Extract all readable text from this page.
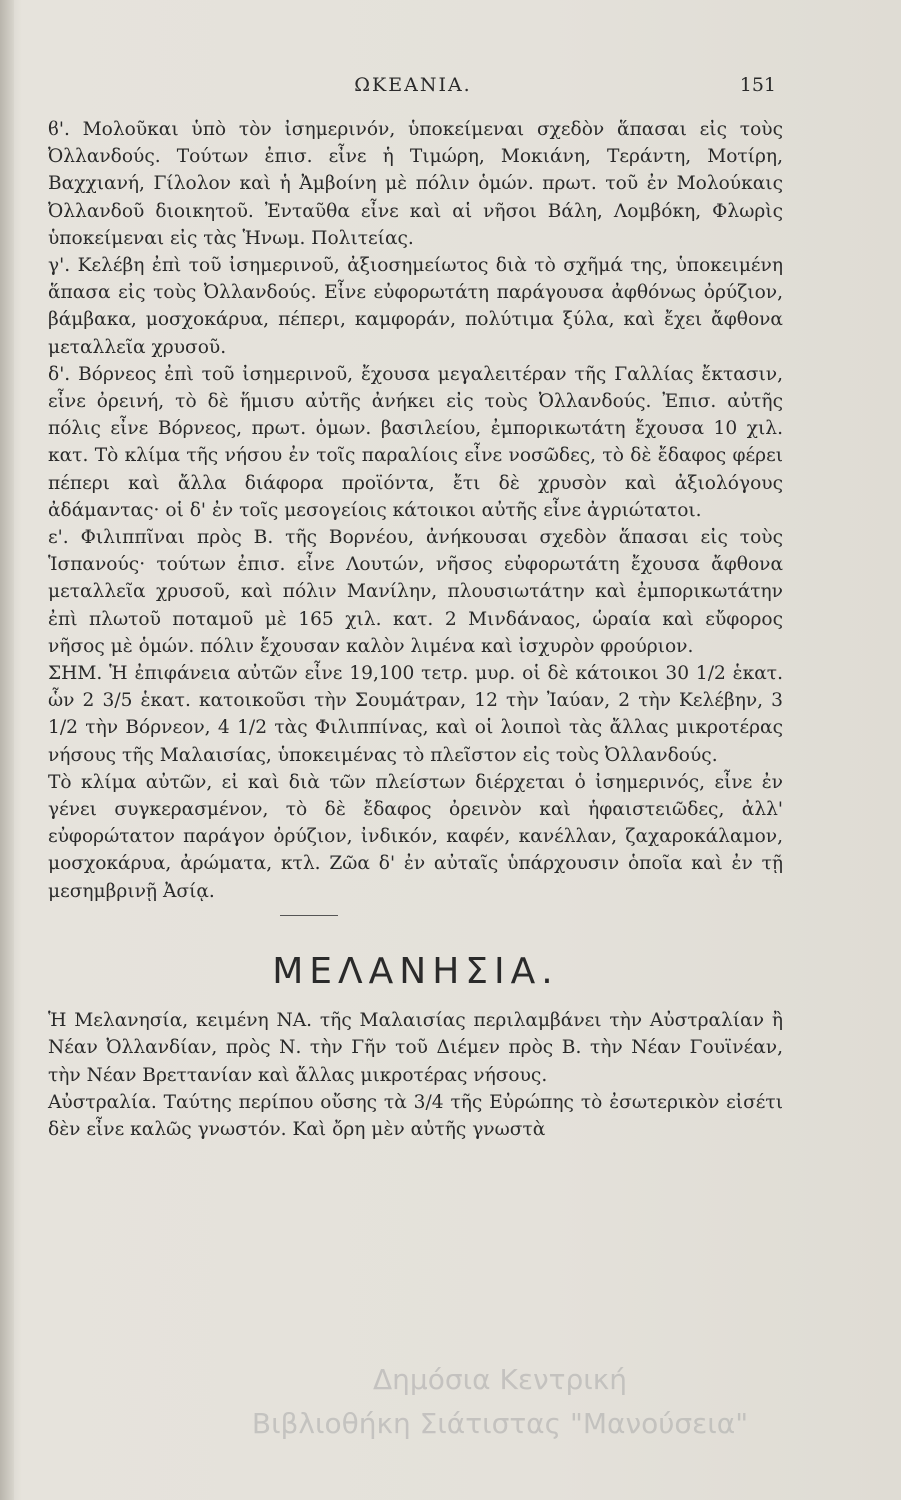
ΩΚΕΑΝΙΑ.	151

ϐ'. Μολοῦκαι ὑπὸ τὸν ἰσημερινόν, ὑποκείμεναι σχεδὸν ἅπασαι εἰς τοὺς Ὀλλανδούς. Τούτων ἐπισ. εἶνε ἡ Τιμώρη, Μοκιάνη, Τεράντη, Μοτίρη, Βαχχιανή, Γίλολον καὶ ἡ Ἀμβοίνη μὲ πόλιν ὁμών. πρωτ. τοῦ ἐν Μολούκαις Ὀλλανδοῦ διοικητοῦ. Ἐνταῦθα εἶνε καὶ αἱ νῆσοι Βάλη, Λομβόκη, Φλωρὶς ὑποκείμεναι εἰς τὰς Ἡνωμ. Πολιτείας.

γ'. Κελέβη ἐπὶ τοῦ ἰσημερινοῦ, ἀξιοσημείωτος διὰ τὸ σχῆμά της, ὑποκειμένη ἅπασα εἰς τοὺς Ὀλλανδούς. Εἶνε εὐφορωτάτη παράγουσα ἀφθόνως ὀρύζιον, βάμβακα, μοσχοκάρυα, πέπερι, καμφοράν, πολύτιμα ξύλα, καὶ ἔχει ἄφθονα μεταλλεῖα χρυσοῦ.

δ'. Βόρνεος ἐπὶ τοῦ ἰσημερινοῦ, ἔχουσα μεγαλειτέραν τῆς Γαλλίας ἔκτασιν, εἶνε ὀρεινή, τὸ δὲ ἥμισυ αὐτῆς ἀνήκει εἰς τοὺς Ὀλλανδούς. Ἐπισ. αὐτῆς πόλις εἶνε Βόρνεος, πρωτ. ὁμων. βασιλείου, ἐμπορικωτάτη ἔχουσα 10 χιλ. κατ. Τὸ κλίμα τῆς νήσου ἐν τοῖς παραλίοις εἶνε νοσῶδες, τὸ δὲ ἔδαφος φέρει πέπερι καὶ ἄλλα διάφορα προϊόντα, ἔτι δὲ χρυσὸν καὶ ἀξιολόγους ἀδάμαντας· οἱ δ' ἐν τοῖς μεσογείοις κάτοικοι αὐτῆς εἶνε ἀγριώτατοι.

ε'. Φιλιππῖναι πρὸς Β. τῆς Βορνέου, ἀνήκουσαι σχεδὸν ἅπασαι εἰς τοὺς Ἱσπανούς· τούτων ἐπισ. εἶνε Λουτών, νῆσος εὐφορωτάτη ἔχουσα ἄφθονα μεταλλεῖα χρυσοῦ, καὶ πόλιν Μανίλην, πλουσιωτάτην καὶ ἐμπορικωτάτην ἐπὶ πλωτοῦ ποταμοῦ μὲ 165 χιλ. κατ. 2 Μινδάναος, ὡραία καὶ εὔφορος νῆσος μὲ ὁμών. πόλιν ἔχουσαν καλὸν λιμένα καὶ ἰσχυρὸν φρούριον.

ΣΗΜ. Ἡ ἐπιφάνεια αὐτῶν εἶνε 19,100 τετρ. μυρ. οἱ δὲ κάτοικοι 30 1/2 ἑκατ. ὧν 2 3/5 ἑκατ. κατοικοῦσι τὴν Σουμάτραν, 12 τὴν Ἰαύαν, 2 τὴν Κελέβην, 3 1/2 τὴν Βόρνεον, 4 1/2 τὰς Φιλιππίνας, καὶ οἱ λοιποὶ τὰς ἄλλας μικροτέρας νήσους τῆς Μαλαισίας, ὑποκειμένας τὸ πλεῖστον εἰς τοὺς Ὀλλανδούς.

Τὸ κλίμα αὐτῶν, εἰ καὶ διὰ τῶν πλείστων διέρχεται ὁ ἰσημερινός, εἶνε ἐν γένει συγκερασμένον, τὸ δὲ ἔδαφος ὀρεινὸν καὶ ἡφαιστειῶδες, ἀλλ' εὐφορώτατον παράγον ὀρύζιον, ἰνδικόν, καφέν, κανέλλαν, ζαχαροκάλαμον, μοσχοκάρυα, ἀρώματα, κτλ. Ζῶα δ' ἐν αὐταῖς ὑπάρχουσιν ὁποῖα καὶ ἐν τῇ μεσημβρινῇ Ἀσίᾳ.

ΜΕΛΑΝΗΣΙΑ.

Ἡ Μελανησία, κειμένη ΝΑ. τῆς Μαλαισίας περιλαμβάνει τὴν Αὐστραλίαν ἢ Νέαν Ὀλλανδίαν, πρὸς Ν. τὴν Γῆν τοῦ Διέμεν πρὸς Β. τὴν Νέαν Γουϊνέαν, τὴν Νέαν Βρεττανίαν καὶ ἄλλας μικροτέρας νήσους.

Αὐστραλία. Ταύτης περίπου οὔσης τὰ 3/4 τῆς Εὐρώπης τὸ ἐσωτερικὸν εἰσέτι δὲν εἶνε καλῶς γνωστόν. Καὶ ὄρη μὲν αὐτῆς γνωστὰ

Δημόσια Κεντρική
Βιβλιοθήκη Σιάτιστας "Μανούσεια"
